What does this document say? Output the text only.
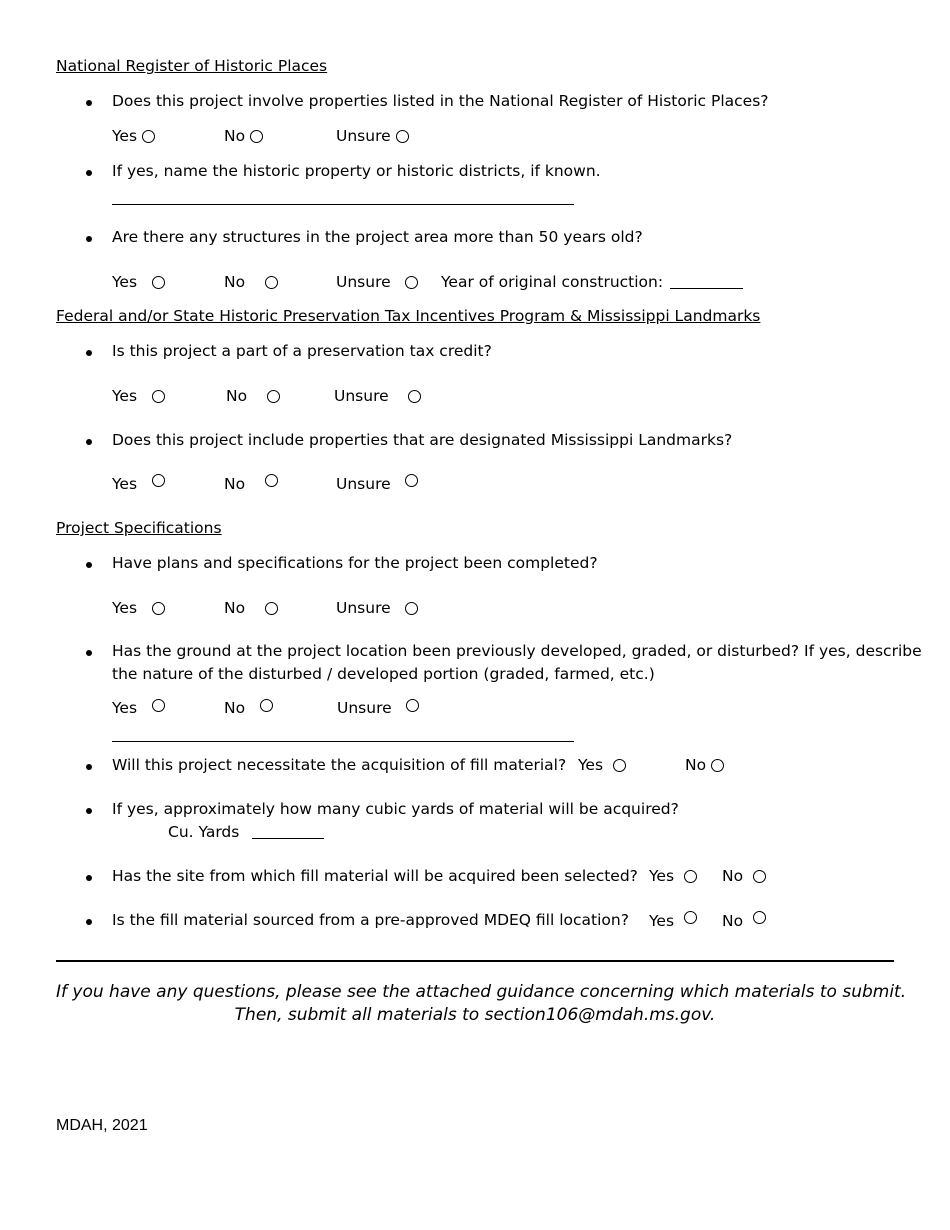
National Register of Historic Places
Does this project involve properties listed in the National Register of Historic Places?
Yes	No	Unsure
If yes, name the historic property or historic districts, if known.
Are there any structures in the project area more than 50 years old?
Yes	No	Unsure	Year of original construction:
Federal and/or State Historic Preservation Tax Incentives Program & Mississippi Landmarks
Is this project a part of a preservation tax credit?
Yes	No	Unsure
Does this project include properties that are designated Mississippi Landmarks?
Yes	No	Unsure
Project Specifications
Have plans and specifications for the project been completed?
Yes	No	Unsure
Has the ground at the project location been previously developed, graded, or disturbed? If yes, describe
the nature of the disturbed / developed portion (graded, farmed, etc.)
Yes	No	Unsure
Will this project necessitate the acquisition of fill material? Yes	No
If yes, approximately how many cubic yards of material will be acquired?
Cu. Yards
Has the site from which fill material will be acquired been selected? Yes	No
Is the fill material sourced from a pre-approved MDEQ fill location? Yes	No
If you have any questions, please see the attached guidance concerning which materials to submit.
Then, submit all materials to section106@mdah.ms.gov.
MDAH, 2021
